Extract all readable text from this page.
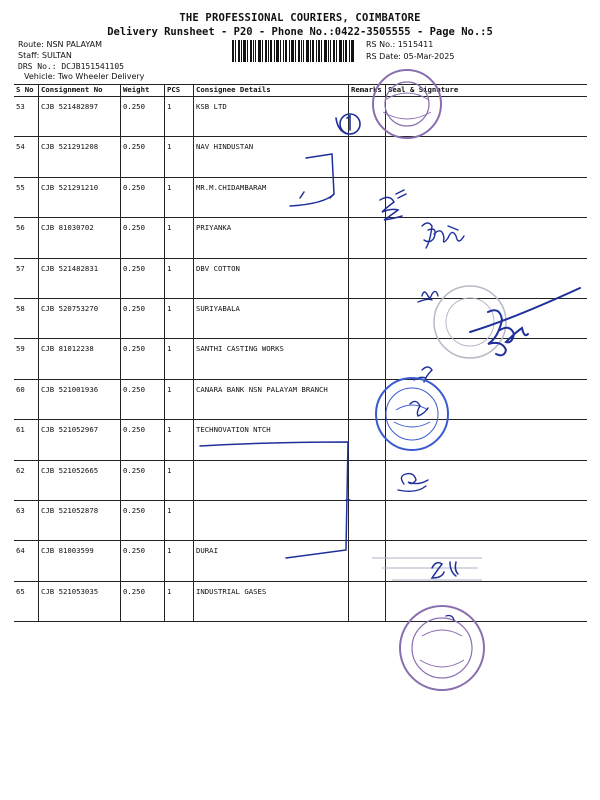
THE PROFESSIONAL COURIERS, COIMBATORE
Delivery Runsheet - P20 - Phone No.:0422-3505555 - Page No.:5
Route: NSN PALAYAM
Staff: SULTAN
DRS No.: DCJB151541105
Vehicle: Two Wheeler Delivery
RS No.: 1515411
RS Date: 05-Mar-2025
S No	Consignment No	Weight	PCS	Consignee Details	Remarks	Seal & Signature
53	CJB 521482897	0.250	1	KSB LTD		
54	CJB 521291208	0.250	1	NAV HINDUSTAN		
55	CJB 521291210	0.250	1	MR.M.CHIDAMBARAM		
56	CJB 81030702	0.250	1	PRIYANKA		
57	CJB 521482831	0.250	1	DBV COTTON		
58	CJB 520753270	0.250	1	SURIYABALA		
59	CJB 81012238	0.250	1	SANTHI CASTING WORKS		
60	CJB 521001936	0.250	1	CANARA BANK NSN PALAYAM BRANCH		
61	CJB 521052967	0.250	1	TECHNOVATION NTCH		
62	CJB 521052665	0.250	1			
63	CJB 521052878	0.250	1			
64	CJB 81003599	0.250	1	DURAI		
65	CJB 521053035	0.250	1	INDUSTRIAL GASES		
